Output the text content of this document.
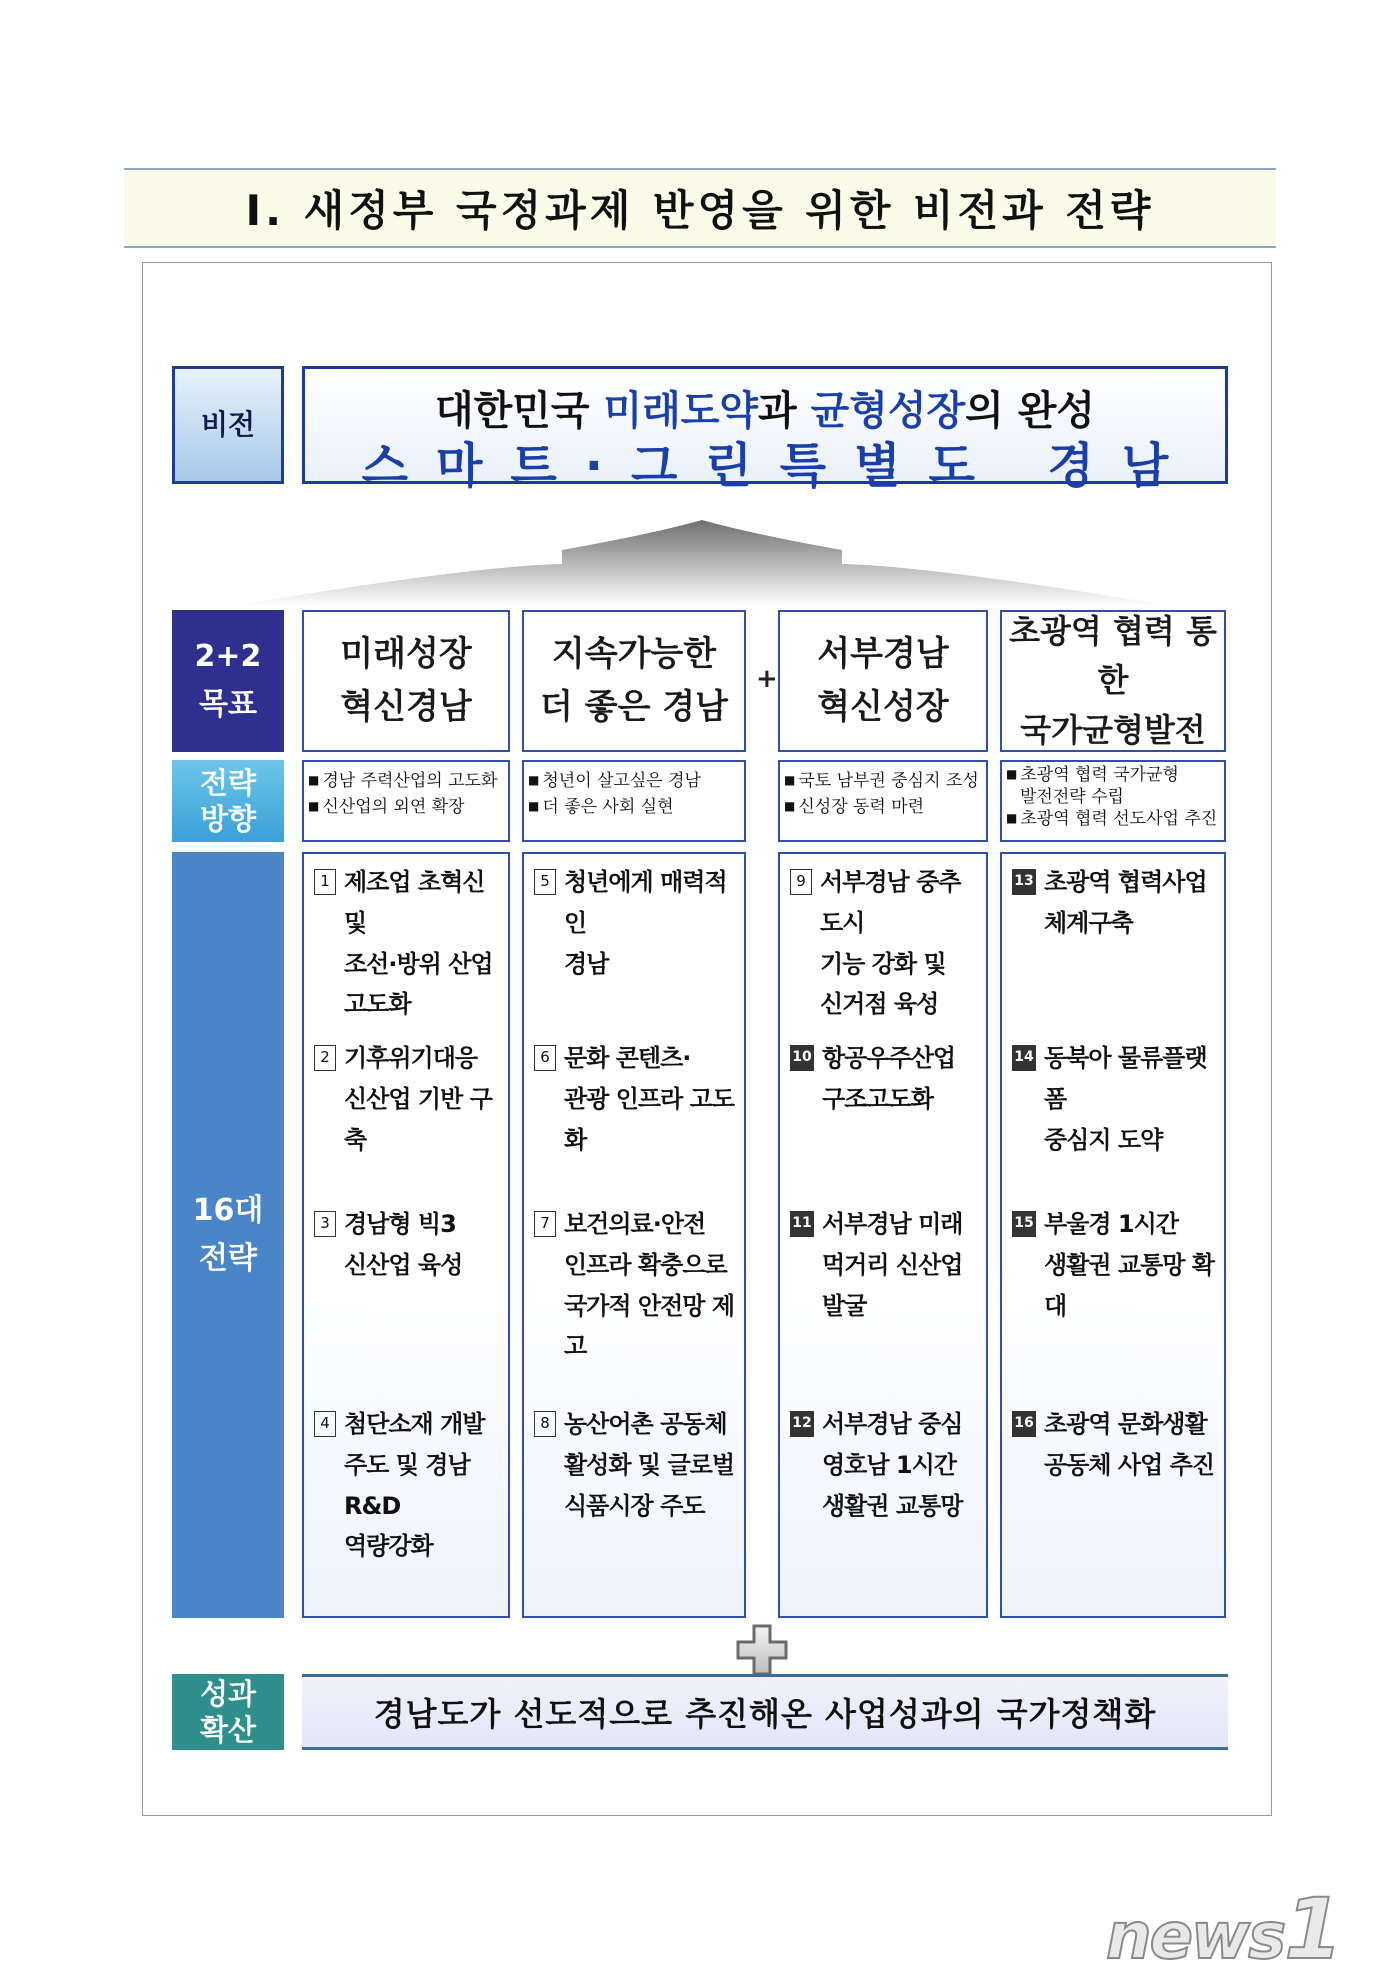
Ⅰ. 새정부 국정과제 반영을 위한 비전과 전략
비전
2+2
목표
전략
방향
16대
전략
성과
확산
대한민국 미래도약과 균형성장의 완성
스마트·그린특별도 경남
미래성장
혁신경남
지속가능한
더 좋은 경남
+
서부경남
혁신성장
초광역 협력 통한
국가균형발전
■ 경남 주력산업의 고도화
■ 신산업의 외연 확장
■ 청년이 살고싶은 경남
■ 더 좋은 사회 실현
■ 국토 남부권 중심지 조성
■ 신성장 동력 마련
■ 초광역 협력 국가균형
발전전략 수립
■ 초광역 협력 선도사업 추진
1 제조업 초혁신 및
조선·방위 산업
고도화
2 기후위기대응
신산업 기반 구축
3 경남형 빅3
신산업 육성
4 첨단소재 개발
주도 및 경남 R&D
역량강화
5 청년에게 매력적인
경남
6 문화 콘텐츠·
관광 인프라 고도화
7 보건의료·안전
인프라 확충으로
국가적 안전망 제고
8 농산어촌 공동체
활성화 및 글로벌
식품시장 주도
9 서부경남 중추도시
기능 강화 및
신거점 육성
10 항공우주산업
구조고도화
11 서부경남 미래
먹거리 신산업 발굴
12 서부경남 중심
영호남 1시간
생활권 교통망
13 초광역 협력사업
체계구축
14 동북아 물류플랫폼
중심지 도약
15 부울경 1시간
생활권 교통망 확대
16 초광역 문화생활
공동체 사업 추진
경남도가 선도적으로 추진해온 사업성과의 국가정책화
news1
